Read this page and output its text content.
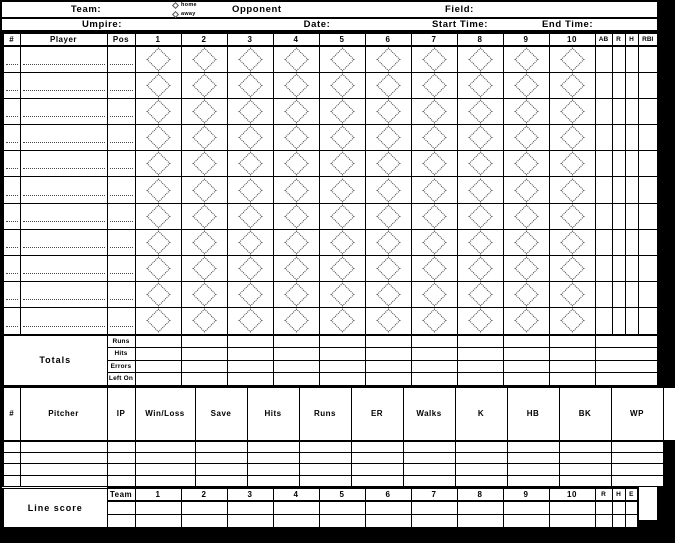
Team:	home
away	Opponent	Field:
Umpire:	Date:	Start Time:	End Time:
#	Player	Pos	1	2	3	4	5	6	7	8	9	10	AB	R	H	RBI

Totals	Runs											
	Hits											
	Errors											
	Left On											
#	Pitcher	IP	Win/Loss	Save	Hits	Runs	ER	Walks	K	HB	BK	WP	

Line score	Team	1	2	3	4	5	6	7	8	9	10	R	H	E

Scorer:
